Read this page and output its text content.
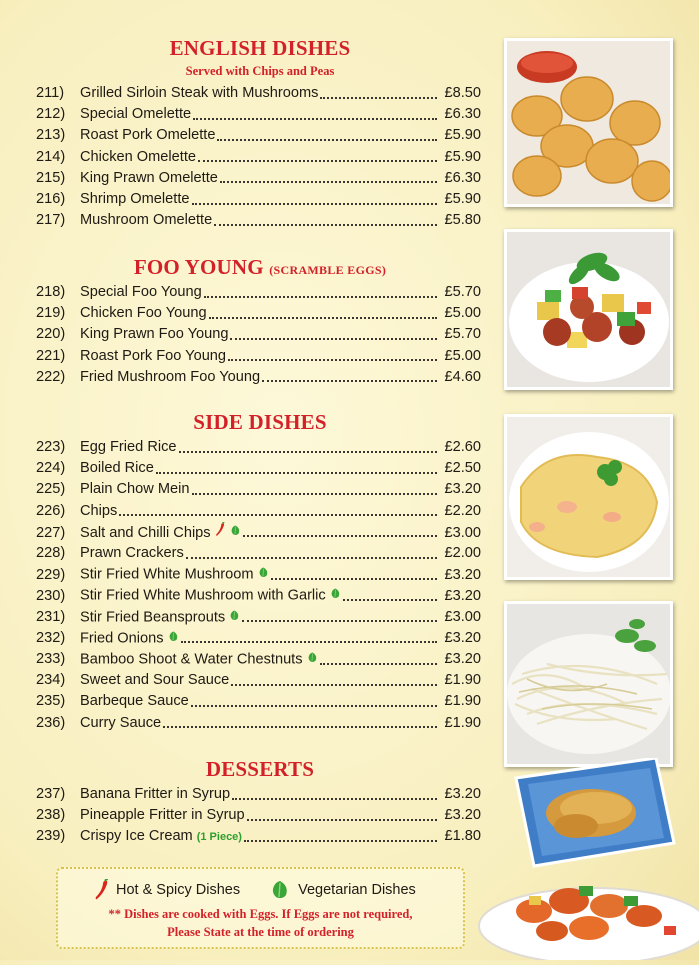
ENGLISH DISHES
Served with Chips and Peas
211)	Grilled Sirloin Steak with Mushrooms	£8.50
212)	Special Omelette	£6.30
213)	Roast Pork Omelette	£5.90
214)	Chicken Omelette	£5.90
215)	King Prawn Omelette	£6.30
216)	Shrimp Omelette	£5.90
217)	Mushroom Omelette	£5.80
FOO YOUNG (SCRAMBLE EGGS)
218)	Special Foo Young	£5.70
219)	Chicken Foo Young	£5.00
220)	King Prawn Foo Young	£5.70
221)	Roast Pork Foo Young	£5.00
222)	Fried Mushroom Foo Young	£4.60
SIDE DISHES
223)	Egg Fried Rice	£2.60
224)	Boiled Rice	£2.50
225)	Plain Chow Mein	£3.20
226)	Chips	£2.20
227)	Salt and Chilli Chips	£3.00
228)	Prawn Crackers	£2.00
229)	Stir Fried White Mushroom	£3.20
230)	Stir Fried White Mushroom with Garlic	£3.20
231)	Stir Fried Beansprouts	£3.00
232)	Fried Onions	£3.20
233)	Bamboo Shoot & Water Chestnuts	£3.20
234)	Sweet and Sour Sauce	£1.90
235)	Barbeque Sauce	£1.90
236)	Curry Sauce	£1.90
DESSERTS
237)	Banana Fritter in Syrup	£3.20
238)	Pineapple Fritter in Syrup	£3.20
239)	Crispy Ice Cream (1 Piece)	£1.80
Hot & Spicy Dishes	Vegetarian Dishes
** Dishes are cooked with Eggs. If Eggs are not required,
Please State at the time of ordering
